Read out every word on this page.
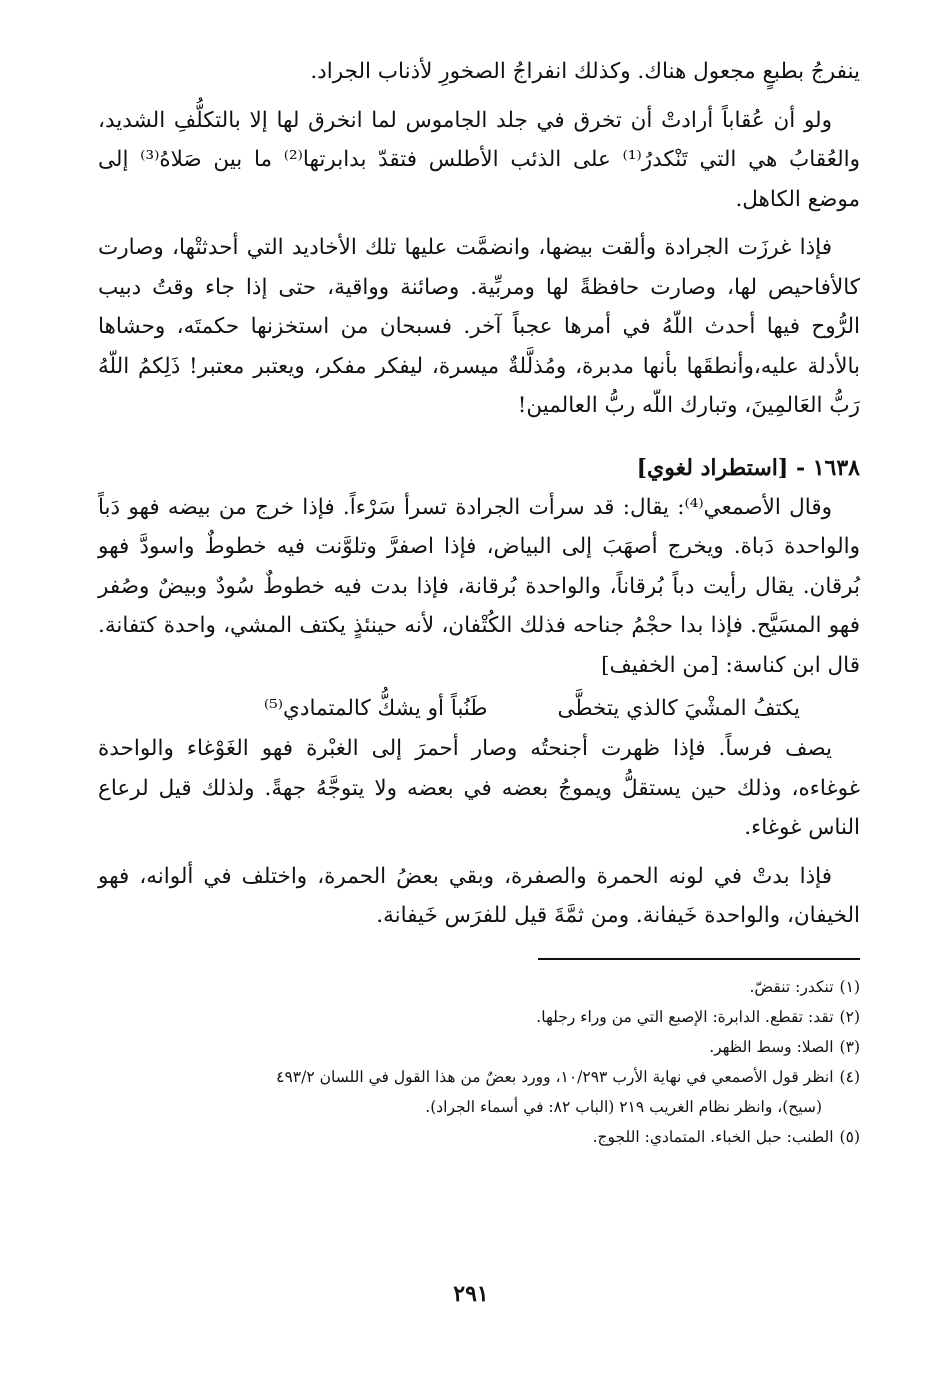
ينفرجُ بطبعٍ مجعول هناك. وكذلك انفراجُ الصخورِ لأذناب الجراد.

ولو أن عُقاباً أرادتْ أن تخرق في جلد الجاموس لما انخرق لها إلا بالتكلُّفِ الشديد، والعُقابُ هي التي تَنْكدرُ⁽¹⁾ على الذئب الأطلس فتقدّ بدابرتها⁽²⁾ ما بين صَلاهُ⁽³⁾ إلى موضع الكاهل.

فإذا غرزَت الجرادة وألقت بيضها، وانضمَّت عليها تلك الأخاديد التي أحدثتْها، وصارت كالأفاحيص لها، وصارت حافظةً لها ومربِّية. وصائنة وواقية، حتى إذا جاء وقتُ دبيب الرُّوح فيها أحدث اللّهُ في أمرها عجباً آخر. فسبحان من استخزنها حكمتَه، وحشاها بالأدلة عليه،وأنطقَها بأنها مدبرة، ومُذلَّلةٌ ميسرة، ليفكر مفكر، ويعتبر معتبر! ذَلِكمُ اللّهُ رَبُّ العَالمِينَ، وتبارك اللّه ربُّ العالمين!

١٦٣٨ - [استطراد لغوي]

وقال الأصمعي⁽⁴⁾: يقال: قد سرأت الجرادة تسرأ سَرْءاً. فإذا خرج من بيضه فهو دَباً والواحدة دَباة. ويخرج أصهَبَ إلى البياض، فإذا اصفرَّ وتلوَّنت فيه خطوطٌ واسودَّ فهو بُرقان. يقال رأيت دباً بُرقاناً، والواحدة بُرقانة، فإذا بدت فيه خطوطٌ سُودٌ وبيضٌ وصُفر فهو المسَيَّح. فإذا بدا حجْمُ جناحه فذلك الكُتْفان، لأنه حينئذٍ يكتف المشي، واحدة كتفانة. قال ابن كناسة: [من الخفيف]

يكتفُ المشْيَ كالذي يتخطَّى
طَنُباً أو يشكُّ كالمتمادي⁽⁵⁾

يصف فرساً. فإذا ظهرت أجنحتُه وصار أحمرَ إلى الغبْرة فهو الغَوْغاء والواحدة غوغاءه، وذلك حين يستقلُّ ويموجُ بعضه في بعضه ولا يتوجَّهُ جهةً. ولذلك قيل لرعاع الناس غوغاء.

فإذا بدتْ في لونه الحمرة والصفرة، وبقي بعضُ الحمرة، واختلف في ألوانه، فهو الخيفان، والواحدة خَيفانة. ومن ثمَّةَ قيل للفرَس خَيفانة.

(١)
تنكدر: تنقضّ.
(٢)
تقد: تقطع. الدابرة: الإصبع التي من وراء رجلها.
(٣)
الصلا: وسط الظهر.
(٤)
انظر قول الأصمعي في نهاية الأرب ١٠/٢٩٣، وورد بعضٌ من هذا القول في اللسان ٤٩٣/٢
(سيح)، وانظر نظام الغريب ٢١٩ (الباب ٨٢: في أسماء الجراد).
(٥)
الطنب: حبل الخباء. المتمادي: اللجوج.
٢٩١
